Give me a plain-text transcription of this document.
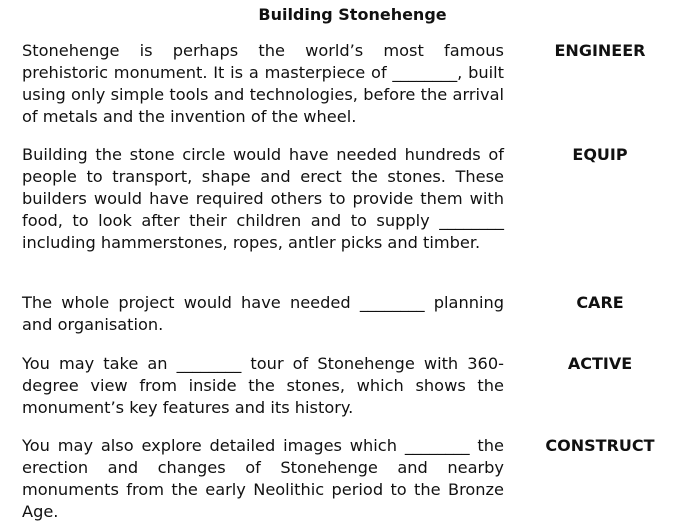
Building Stonehenge

Stonehenge is perhaps the world’s most famous prehistoric monument. It is a masterpiece of ________, built using only simple tools and technologies, before the arrival of metals and the invention of the wheel.

ENGINEER

Building the stone circle would have needed hundreds of people to transport, shape and erect the stones. These builders would have required others to provide them with food, to look after their children and to supply ________ including hammerstones, ropes, antler picks and timber.

EQUIP

The whole project would have needed ________ planning and organisation.

CARE

You may take an ________ tour of Stonehenge with 360-degree view from inside the stones, which shows the monument’s key features and its history.

ACTIVE

You may also explore detailed images which ________ the erection and changes of Stonehenge and nearby monuments from the early Neolithic period to the Bronze Age.

CONSTRUCT
